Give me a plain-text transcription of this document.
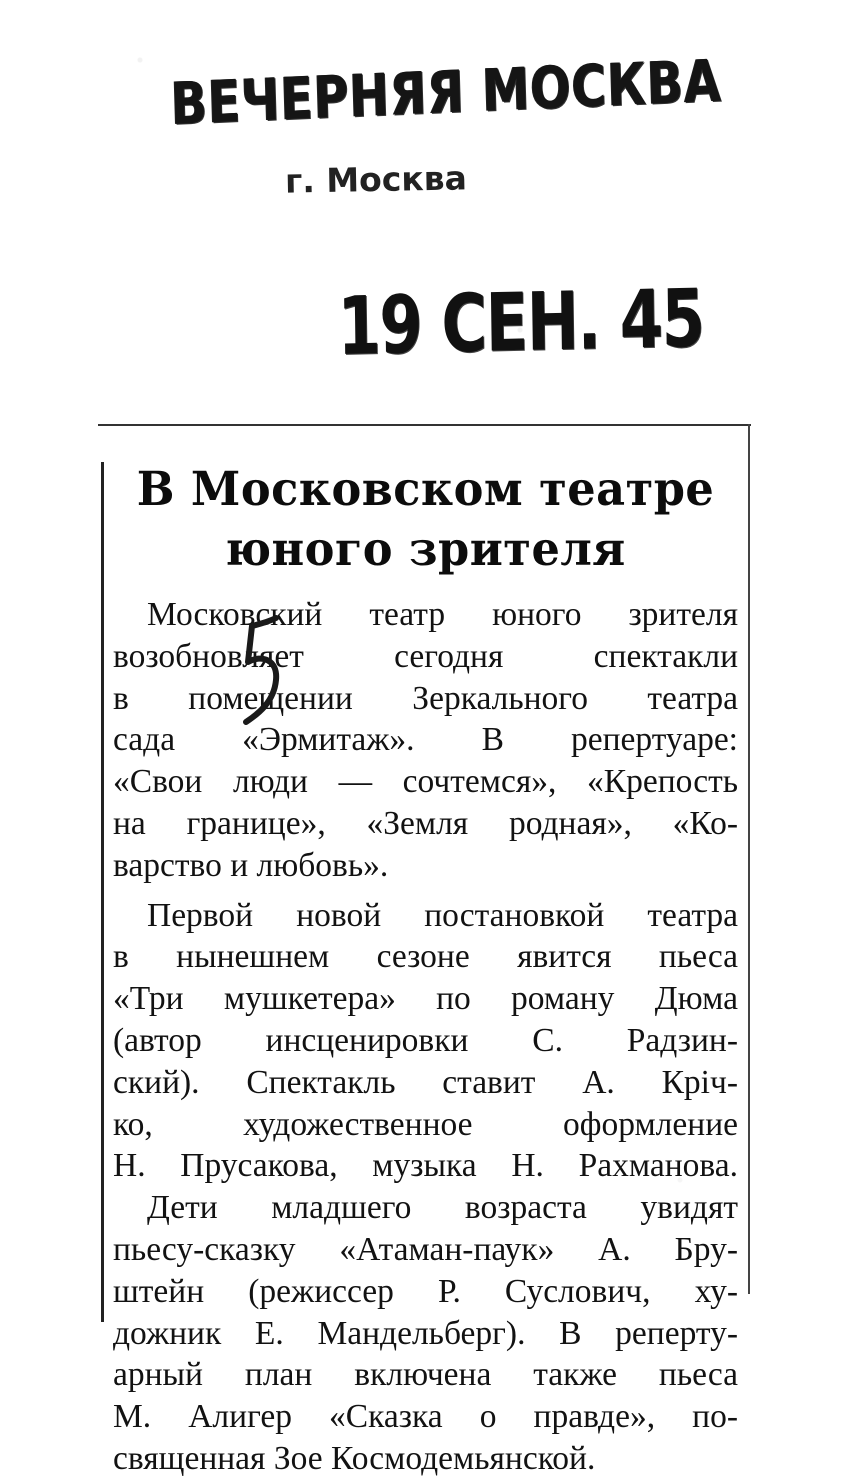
ВЕЧЕРНЯЯ МОСКВА
г. Москва
19 СЕН. 45
В Московском театре
юного зрителя
Московский театр юного зрителя
возобновляет сегодня спектакли
в помещении Зеркального театра
сада «Эрмитаж». В репертуаре:
«Свои люди — сочтемся», «Крепость
на границе», «Земля родная», «Ко-
варство и любовь».
Первой новой постановкой театра
в нынешнем сезоне явится пьеса
«Три мушкетера» по роману Дюма
(автор инсценировки С. Радзин-
ский). Спектакль ставит А. Кріч-
ко, художественное оформление
Н. Прусакова, музыка Н. Рахманова.
Дети младшего возраста увидят
пьесу-сказку «Атаман-паук» А. Бру-
штейн (режиссер Р. Суслович, ху-
дожник Е. Мандельберг). В реперту-
арный план включена также пьеса
М. Алигер «Сказка о правде», по-
священная Зое Космодемьянской.
